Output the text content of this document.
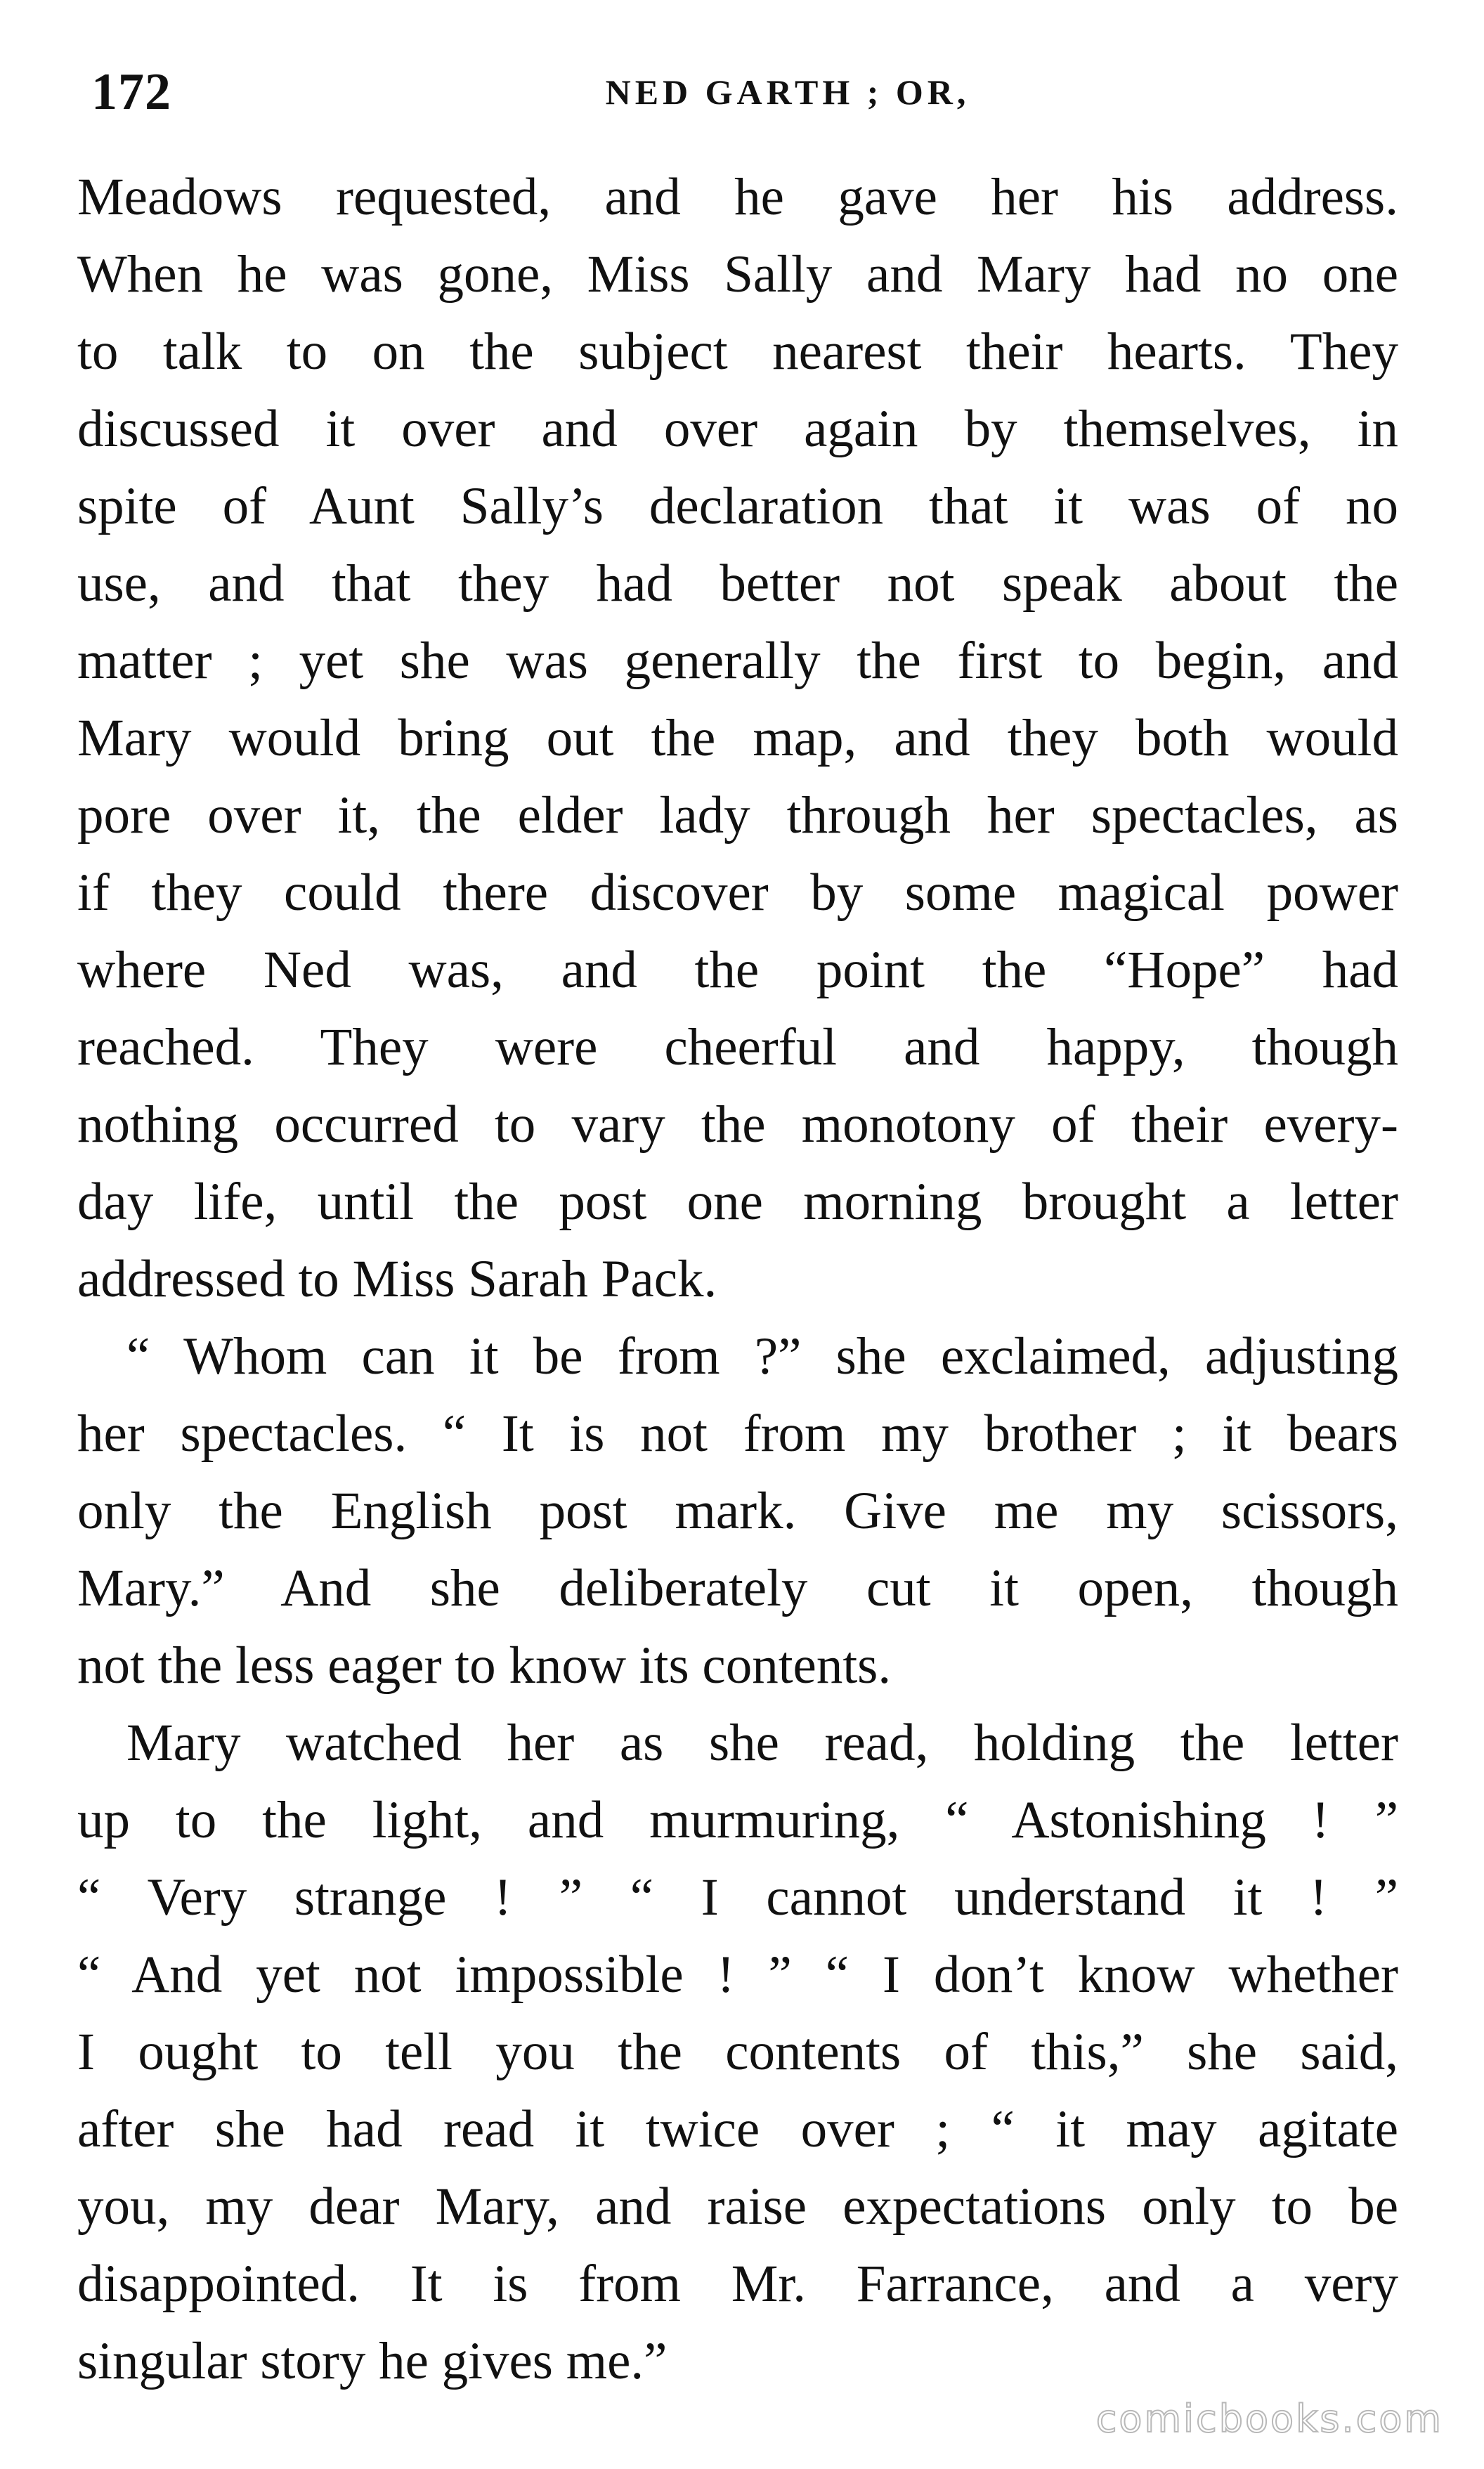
172	NED GARTH ; OR,
Meadows requested, and he gave her his address.
When he was gone, Miss Sally and Mary had no one
to talk to on the subject nearest their hearts. They
discussed it over and over again by themselves, in
spite of Aunt Sally’s declaration that it was of no
use, and that they had better not speak about the
matter ; yet she was generally the first to begin, and
Mary would bring out the map, and they both would
pore over it, the elder lady through her spectacles, as
if they could there discover by some magical power
where Ned was, and the point the “Hope” had
reached. They were cheerful and happy, though
nothing occurred to vary the monotony of their every-
day life, until the post one morning brought a letter
addressed to Miss Sarah Pack.
“ Whom can it be from ?” she exclaimed, adjusting
her spectacles. “ It is not from my brother ; it bears
only the English post mark. Give me my scissors,
Mary.” And she deliberately cut it open, though
not the less eager to know its contents.
Mary watched her as she read, holding the letter
up to the light, and murmuring, “ Astonishing ! ”
“ Very strange ! ” “ I cannot understand it ! ”
“ And yet not impossible ! ” “ I don’t know whether
I ought to tell you the contents of this,” she said,
after she had read it twice over ; “ it may agitate
you, my dear Mary, and raise expectations only to be
disappointed. It is from Mr. Farrance, and a very
singular story he gives me.”
comicbooks.com
